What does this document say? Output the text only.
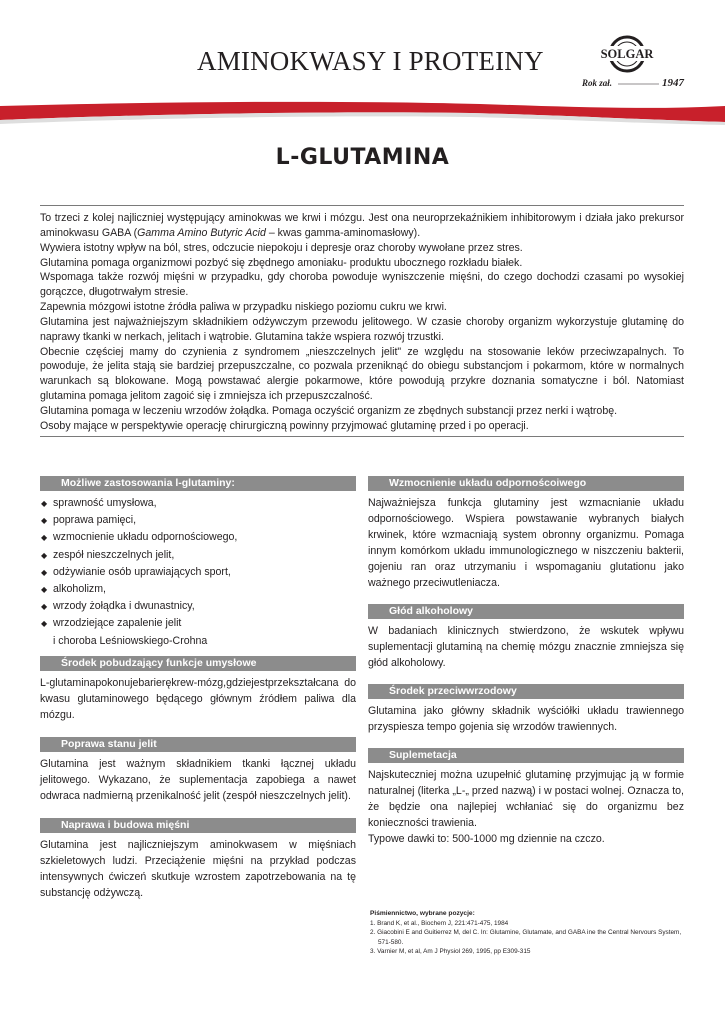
AMINOKWASY I PROTEINY	SOLGAR
Rok zał.	1947
L-GLUTAMINA

To trzeci z kolej najliczniej występujący aminokwas we krwi i mózgu. Jest ona neuroprzekaźnikiem inhibitorowym i działa jako prekursor aminokwasu GABA (Gamma Amino Butyric Acid – kwas gamma-aminomasłowy).

Wywiera istotny wpływ na ból, stres, odczucie niepokoju i depresje oraz choroby wywołane przez stres.

Glutamina pomaga organizmowi pozbyć się zbędnego amoniaku- produktu ubocznego rozkładu białek.

Wspomaga także rozwój mięśni w przypadku, gdy choroba powoduje wyniszczenie mięśni, do czego dochodzi czasami po wysokiej gorączce, długotrwałym stresie.

Zapewnia mózgowi istotne źródła paliwa w przypadku niskiego poziomu cukru we krwi.

Glutamina jest najważniejszym składnikiem odżywczym przewodu jelitowego. W czasie choroby organizm wykorzystuje glutaminę do naprawy tkanki w nerkach, jelitach i wątrobie. Glutamina także wspiera rozwój trzustki.

Obecnie częściej mamy do czynienia z syndromem „nieszczelnych jelit" ze względu na stosowanie leków przeciwzapalnych. To powoduje, że jelita stają sie bardziej przepuszczalne, co pozwala przeniknąć do obiegu substancjom i pokarmom, które w normalnych warunkach są blokowane. Mogą powstawać alergie pokarmowe, które powodują przykre doznania somatyczne i ból. Natomiast glutamina pomaga jelitom zagoić się i zmniejsza ich przepuszczalność.

Glutamina pomaga w leczeniu wrzodów żołądka. Pomaga oczyścić organizm ze zbędnych substancji przez nerki i wątrobę.

Osoby mające w perspektywie operację chirurgiczną powinny przyjmować glutaminę przed i po operacji.

Możliwe zastosowania l-glutaminy:
◆ sprawność umysłowa,
◆ poprawa pamięci,
◆ wzmocnienie układu odpornościowego,
◆ zespół nieszczelnych jelit,
◆ odżywianie osób uprawiających sport,
◆ alkoholizm,
◆ wrzody żołądka i dwunastnicy,
◆ wrzodziejące zapalenie jelit
i choroba Leśniowskiego-Crohna
Środek pobudzający funkcje umysłowe
L-glutaminapokonujebarierękrew-mózg,gdziejestprzekształcana do kwasu glutaminowego będącego głównym źródłem paliwa dla mózgu.
Poprawa stanu jelit
Glutamina jest ważnym składnikiem tkanki łącznej układu jelitowego. Wykazano, że suplementacja zapobiega a nawet odwraca nadmierną przenikalność jelit (zespół nieszczelnych jelit).
Naprawa i budowa mięśni
Glutamina jest najliczniejszym aminokwasem w mięśniach szkieletowych ludzi. Przeciążenie mięśni na przykład podczas intensywnych ćwiczeń skutkuje wzrostem zapotrzebowania na tę substancję odżywczą.
Wzmocnienie układu odpornoścoiwego
Najważniejsza funkcja glutaminy jest wzmacnianie układu odpornościowego. Wspiera powstawanie wybranych białych krwinek, które wzmacniają system obronny organizmu. Pomaga innym komórkom układu immunologicznego w niszczeniu bakterii, gojeniu ran oraz utrzymaniu i wspomaganiu glutationu jako ważnego przeciwutleniacza.
Głód alkoholowy
W badaniach klinicznych stwierdzono, że wskutek wpływu suplementacji glutaminą na chemię mózgu znacznie zmniejsza się głód alkoholowy.
Środek przeciwwrzodowy
Glutamina jako główny składnik wyściółki układu trawiennego przyspiesza tempo gojenia się wrzodów trawiennych.
Suplemetacja
Najskuteczniej można uzupełnić glutaminę przyjmując ją w formie naturalnej (literka „L-„ przed nazwą) i w postaci wolnej. Oznacza to, że będzie ona najlepiej wchłaniać się do organizmu bez konieczności trawienia.
Typowe dawki to: 500-1000 mg dziennie na czczo.
Piśmiennictwo, wybrane pozycje:
1. Brand K, et al., Biochem J, 221:471-475, 1984
2. Giacobini E and Guitierrez M, del C. In: Glutamine, Glutamate, and GABA ine the Central Nervours System, 571-580.
3. Varnier M, et al, Am J Physiol 269, 1995, pp E309-315
